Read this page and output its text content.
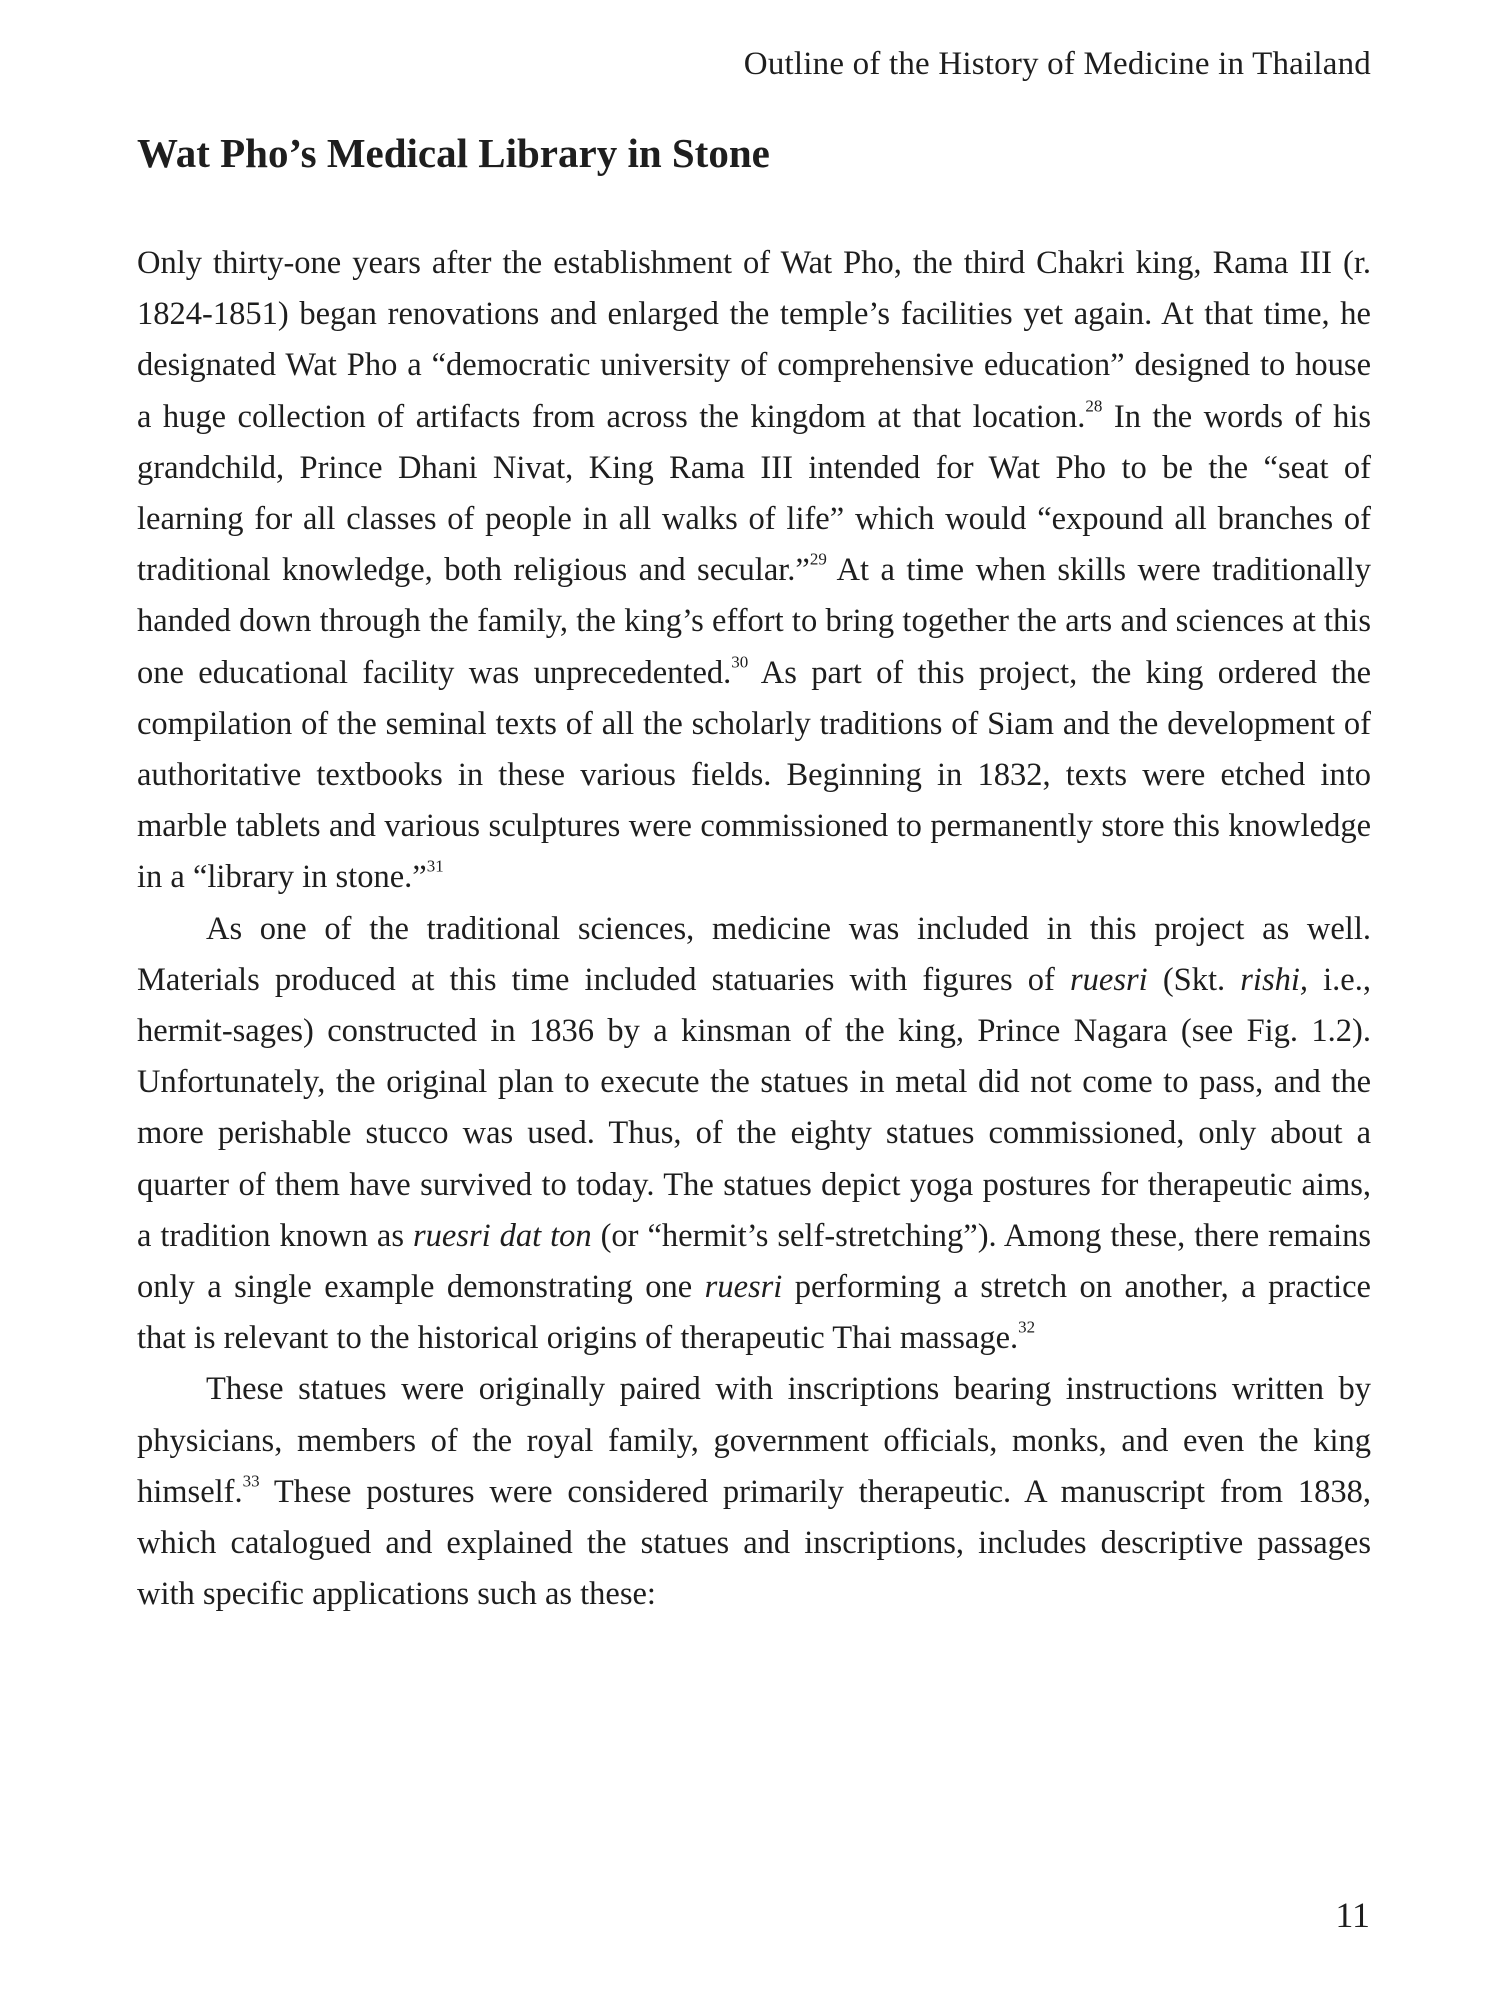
Outline of the History of Medicine in Thailand
Wat Pho’s Medical Library in Stone

Only thirty-one years after the establishment of Wat Pho, the third Chakri king, Rama III (r. 1824-1851) began renovations and enlarged the temple’s facilities yet again. At that time, he designated Wat Pho a “democratic university of comprehensive education” designed to house a huge collection of artifacts from across the kingdom at that location.$^{28}$ In the words of his grandchild, Prince Dhani Nivat, King Rama III intended for Wat Pho to be the “seat of learning for all classes of people in all walks of life” which would “expound all branches of traditional knowledge, both religious and secular.”$^{29}$ At a time when skills were traditionally handed down through the family, the king’s effort to bring together the arts and sciences at this one educational facility was unprecedented.$^{30}$ As part of this project, the king ordered the compilation of the seminal texts of all the scholarly traditions of Siam and the development of authoritative textbooks in these various fields. Beginning in 1832, texts were etched into marble tablets and various sculptures were commissioned to permanently store this knowledge in a “library in stone.”$^{31}$

As one of the traditional sciences, medicine was included in this project as well. Materials produced at this time included statuaries with figures of ruesri (Skt. rishi, i.e., hermit-sages) constructed in 1836 by a kinsman of the king, Prince Nagara (see Fig. 1.2). Unfortunately, the original plan to execute the statues in metal did not come to pass, and the more perishable stucco was used. Thus, of the eighty statues commissioned, only about a quarter of them have survived to today. The statues depict yoga postures for therapeutic aims, a tradition known as ruesri dat ton (or “hermit’s self-stretching”). Among these, there remains only a single example demonstrating one ruesri performing a stretch on another, a practice that is relevant to the historical origins of therapeutic Thai massage.$^{32}$

These statues were originally paired with inscriptions bearing instructions written by physicians, members of the royal family, government officials, monks, and even the king himself.$^{33}$ These postures were considered primarily therapeutic. A manuscript from 1838, which catalogued and explained the statues and inscriptions, includes descriptive passages with specific applications such as these:

11
